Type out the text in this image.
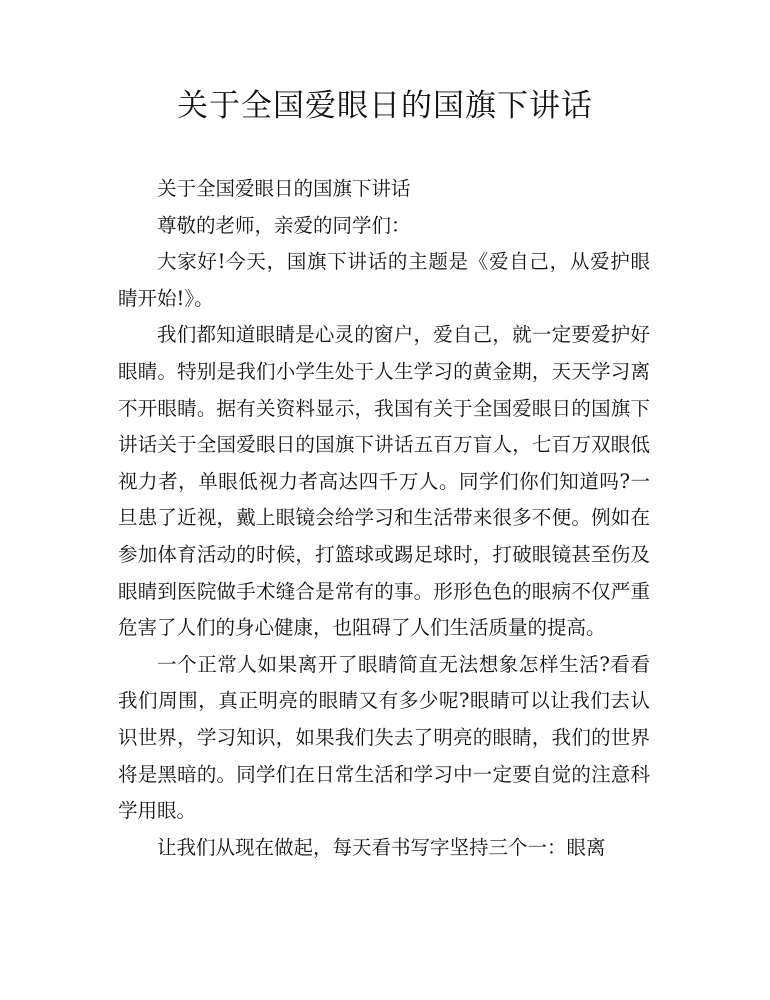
关于全国爱眼日的国旗下讲话

关于全国爱眼日的国旗下讲话

尊敬的老师，亲爱的同学们：

大家好!今天，国旗下讲话的主题是《爱自己，从爱护眼睛开始!》。

我们都知道眼睛是心灵的窗户，爱自己，就一定要爱护好眼睛。特别是我们小学生处于人生学习的黄金期，天天学习离不开眼睛。据有关资料显示，我国有关于全国爱眼日的国旗下讲话关于全国爱眼日的国旗下讲话五百万盲人，七百万双眼低视力者，单眼低视力者高达四千万人。同学们你们知道吗?一旦患了近视，戴上眼镜会给学习和生活带来很多不便。例如在参加体育活动的时候，打篮球或踢足球时，打破眼镜甚至伤及眼睛到医院做手术缝合是常有的事。形形色色的眼病不仅严重危害了人们的身心健康，也阻碍了人们生活质量的提高。

一个正常人如果离开了眼睛简直无法想象怎样生活?看看我们周围，真正明亮的眼睛又有多少呢?眼睛可以让我们去认识世界，学习知识，如果我们失去了明亮的眼睛，我们的世界将是黑暗的。同学们在日常生活和学习中一定要自觉的注意科学用眼。

让我们从现在做起，每天看书写字坚持三个一：眼离
